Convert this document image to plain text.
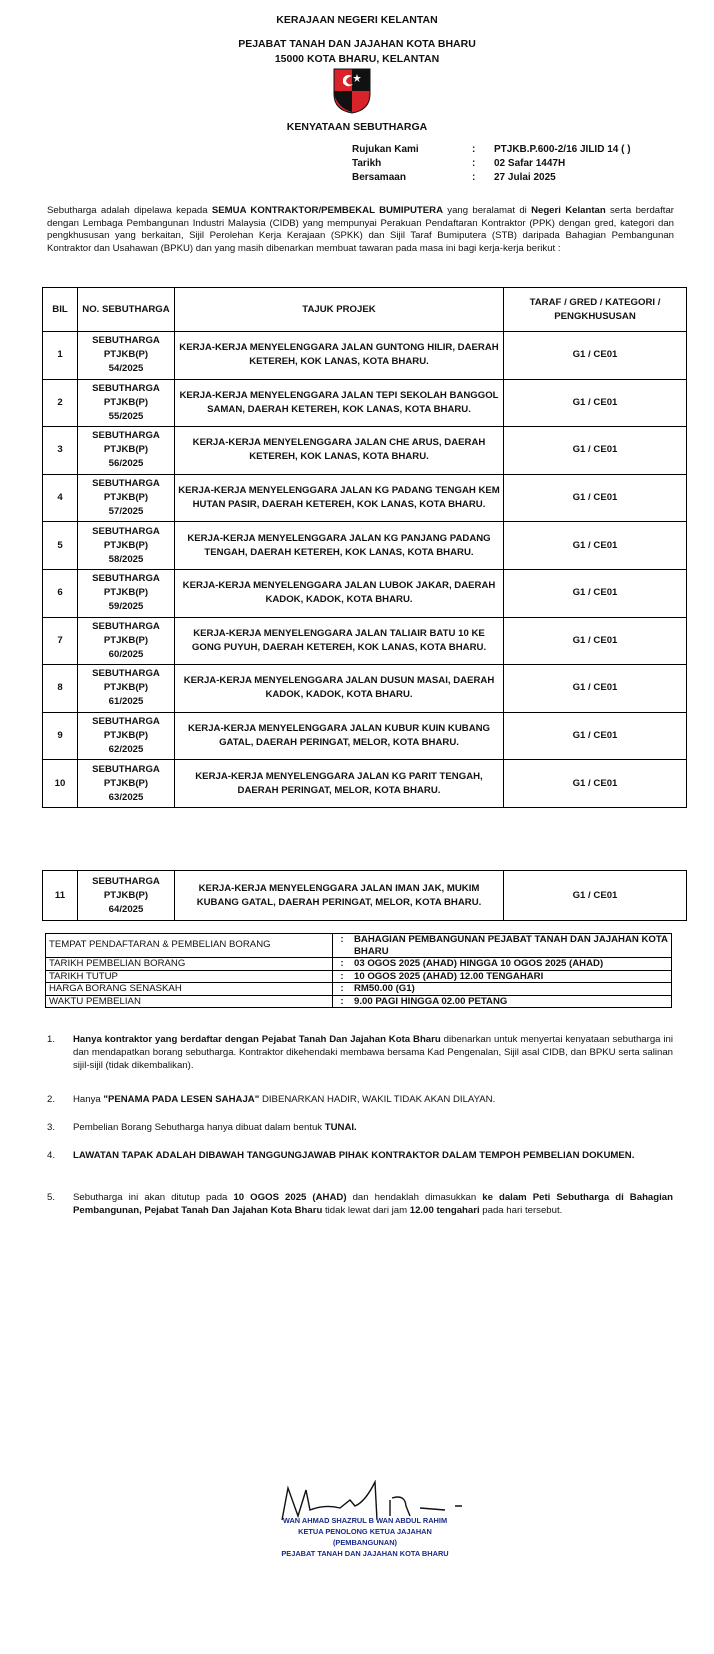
KERAJAAN NEGERI KELANTAN
PEJABAT TANAH DAN JAJAHAN KOTA BHARU
15000 KOTA BHARU, KELANTAN
KENYATAAN SEBUTHARGA
Rujukan Kami	: PTJKB.P.600-2/16 JILID 14 ( )
Tarikh	: 02 Safar 1447H
Bersamaan	: 27 Julai 2025
Sebutharga adalah dipelawa kepada SEMUA KONTRAKTOR/PEMBEKAL BUMIPUTERA yang beralamat di Negeri Kelantan serta berdaftar dengan Lembaga Pembangunan Industri Malaysia (CIDB) yang mempunyai Perakuan Pendaftaran Kontraktor (PPK) dengan gred, kategori dan pengkhususan yang berkaitan, Sijil Perolehan Kerja Kerajaan (SPKK) dan Sijil Taraf Bumiputera (STB) daripada Bahagian Pembangunan Kontraktor dan Usahawan (BPKU) dan yang masih dibenarkan membuat tawaran pada masa ini bagi kerja-kerja berikut :
BIL	NO. SEBUTHARGA	TAJUK PROJEK	TARAF / GRED / KATEGORI / PENGKHUSUSAN
1	SEBUTHARGA
PTJKB(P)
54/2025	KERJA-KERJA MENYELENGGARA JALAN GUNTONG HILIR, DAERAH KETEREH, KOK LANAS, KOTA BHARU.	G1 / CE01
2	SEBUTHARGA
PTJKB(P)
55/2025	KERJA-KERJA MENYELENGGARA JALAN TEPI SEKOLAH BANGGOL SAMAN, DAERAH KETEREH, KOK LANAS, KOTA BHARU.	G1 / CE01
3	SEBUTHARGA
PTJKB(P)
56/2025	KERJA-KERJA MENYELENGGARA JALAN CHE ARUS, DAERAH KETEREH, KOK LANAS, KOTA BHARU.	G1 / CE01
4	SEBUTHARGA
PTJKB(P)
57/2025	KERJA-KERJA MENYELENGGARA JALAN KG PADANG TENGAH KEM HUTAN PASIR, DAERAH KETEREH, KOK LANAS, KOTA BHARU.	G1 / CE01
5	SEBUTHARGA
PTJKB(P)
58/2025	KERJA-KERJA MENYELENGGARA JALAN KG PANJANG PADANG TENGAH, DAERAH KETEREH, KOK LANAS, KOTA BHARU.	G1 / CE01
6	SEBUTHARGA
PTJKB(P)
59/2025	KERJA-KERJA MENYELENGGARA JALAN LUBOK JAKAR, DAERAH KADOK, KADOK, KOTA BHARU.	G1 / CE01
7	SEBUTHARGA
PTJKB(P)
60/2025	KERJA-KERJA MENYELENGGARA JALAN TALIAIR BATU 10 KE GONG PUYUH, DAERAH KETEREH, KOK LANAS, KOTA BHARU.	G1 / CE01
8	SEBUTHARGA
PTJKB(P)
61/2025	KERJA-KERJA MENYELENGGARA JALAN DUSUN MASAI, DAERAH KADOK, KADOK, KOTA BHARU.	G1 / CE01
9	SEBUTHARGA
PTJKB(P)
62/2025	KERJA-KERJA MENYELENGGARA JALAN KUBUR KUIN KUBANG GATAL, DAERAH PERINGAT, MELOR, KOTA BHARU.	G1 / CE01
10	SEBUTHARGA
PTJKB(P)
63/2025	KERJA-KERJA MENYELENGGARA JALAN KG PARIT TENGAH, DAERAH PERINGAT, MELOR, KOTA BHARU.	G1 / CE01
11	SEBUTHARGA
PTJKB(P)
64/2025	KERJA-KERJA MENYELENGGARA JALAN IMAN JAK, MUKIM KUBANG GATAL, DAERAH PERINGAT, MELOR, KOTA BHARU.	G1 / CE01
TEMPAT PENDAFTARAN & PEMBELIAN BORANG	:	BAHAGIAN PEMBANGUNAN PEJABAT TANAH DAN JAJAHAN KOTA BHARU
TARIKH PEMBELIAN BORANG	:	03 OGOS 2025 (AHAD) HINGGA 10 OGOS 2025 (AHAD)
TARIKH TUTUP	:	10 OGOS 2025 (AHAD) 12.00 TENGAHARI
HARGA BORANG SENASKAH	:	RM50.00 (G1)
WAKTU PEMBELIAN	:	9.00 PAGI HINGGA 02.00 PETANG
1. Hanya kontraktor yang berdaftar dengan Pejabat Tanah Dan Jajahan Kota Bharu dibenarkan untuk menyertai kenyataan sebutharga ini dan mendapatkan borang sebutharga. Kontraktor dikehendaki membawa bersama Kad Pengenalan, Sijil asal CIDB, dan BPKU serta salinan sijil-sijil (tidak dikembalikan).
2. Hanya "PENAMA PADA LESEN SAHAJA" DIBENARKAN HADIR, WAKIL TIDAK AKAN DILAYAN.
3. Pembelian Borang Sebutharga hanya dibuat dalam bentuk TUNAI.
4. LAWATAN TAPAK ADALAH DIBAWAH TANGGUNGJAWAB PIHAK KONTRAKTOR DALAM TEMPOH PEMBELIAN DOKUMEN.
5. Sebutharga ini akan ditutup pada 10 OGOS 2025 (AHAD) dan hendaklah dimasukkan ke dalam Peti Sebutharga di Bahagian Pembangunan, Pejabat Tanah Dan Jajahan Kota Bharu tidak lewat dari jam 12.00 tengahari pada hari tersebut.
WAN AHMAD SHAZRUL B WAN ABDUL RAHIM
KETUA PENOLONG KETUA JAJAHAN
(PEMBANGUNAN)
PEJABAT TANAH DAN JAJAHAN KOTA BHARU
